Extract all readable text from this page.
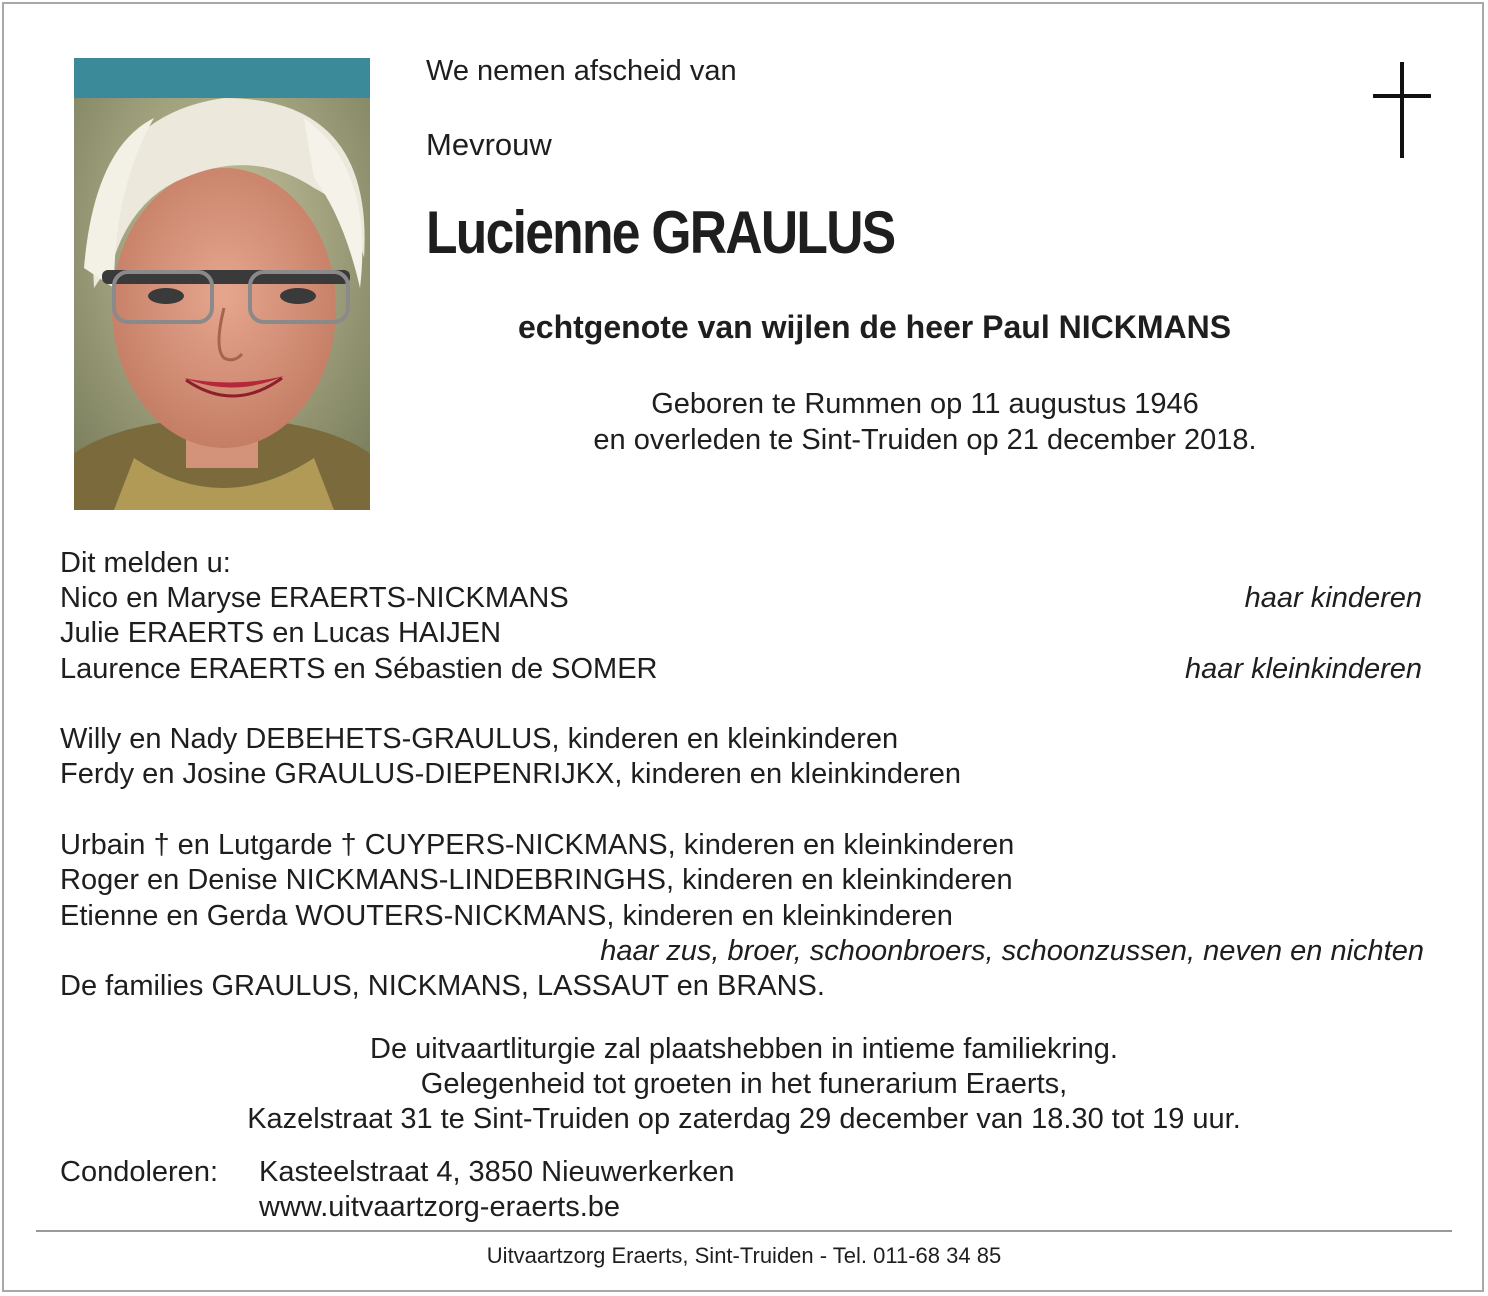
We nemen afscheid van
Mevrouw
Lucienne GRAULUS
echtgenote van wijlen de heer Paul NICKMANS
Geboren te Rummen op 11 augustus 1946
en overleden te Sint-Truiden op 21 december 2018.
Dit melden u:
Nico en Maryse ERAERTS-NICKMANS	haar kinderen
Julie ERAERTS en Lucas HAIJEN
Laurence ERAERTS en Sébastien de SOMER	haar kleinkinderen
Willy en Nady DEBEHETS-GRAULUS, kinderen en kleinkinderen
Ferdy en Josine GRAULUS-DIEPENRIJKX, kinderen en kleinkinderen
Urbain † en Lutgarde † CUYPERS-NICKMANS, kinderen en kleinkinderen
Roger en Denise NICKMANS-LINDEBRINGHS, kinderen en kleinkinderen
Etienne en Gerda WOUTERS-NICKMANS, kinderen en kleinkinderen
haar zus, broer, schoonbroers, schoonzussen, neven en nichten
De families GRAULUS, NICKMANS, LASSAUT en BRANS.
De uitvaartliturgie zal plaatshebben in intieme familiekring.
Gelegenheid tot groeten in het funerarium Eraerts,
Kazelstraat 31 te Sint-Truiden op zaterdag 29 december van 18.30 tot 19 uur.
Condoleren: Kasteelstraat 4, 3850 Nieuwerkerken
www.uitvaartzorg-eraerts.be
Uitvaartzorg Eraerts, Sint-Truiden - Tel. 011-68 34 85
